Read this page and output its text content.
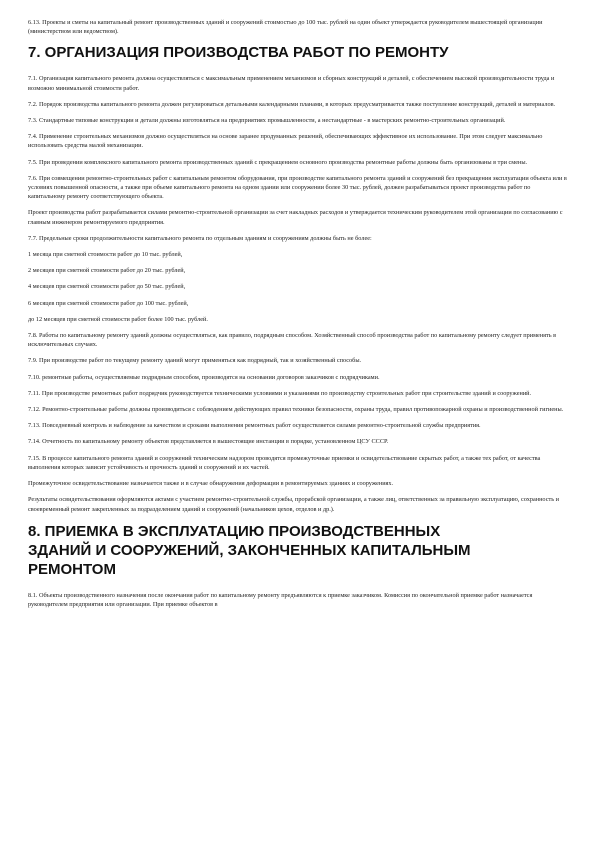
6.13. Проекты и сметы на капитальный ремонт производственных зданий и сооружений стоимостью до 100 тыс. рублей на один объект утверждается руководителем вышестоящей организации (министерством или ведомством).

7. ОРГАНИЗАЦИЯ ПРОИЗВОДСТВА РАБОТ ПО РЕМОНТУ

7.1. Организация капитального ремонта должна осуществляться с максимальным применением механизмов и сборных конструкций и деталей, с обеспечением высокой производительности труда и возможно минимальной стоимости работ.

7.2. Порядок производства капитального ремонта должен регулироваться детальными календарными планами, в которых предусматривается также поступление конструкций, деталей и материалов.

7.3. Стандартные типовые конструкции и детали должны изготовляться на предприятиях промышленности, а нестандартные - в мастерских ремонтно-строительных организаций.

7.4. Применение строительных механизмов должно осуществляться на основе заранее продуманных решений, обеспечивающих эффективное их использование. При этом следует максимально использовать средства малой механизации.

7.5. При проведении комплексного капитального ремонта производственных зданий с прекращением основного производства ремонтные работы должны быть организованы в три смены.

7.6. При совмещении ремонтно-строительных работ с капитальным ремонтом оборудования, при производстве капитального ремонта зданий и сооружений без прекращения эксплуатации объекта или в условиях повышенной опасности, а также при объеме капитального ремонта на одном здании или сооружении более 30 тыс. рублей, должен разрабатываться проект производства работ по капитальному ремонту соответствующего объекта.

Проект производства работ разрабатывается силами ремонтно-строительной организации за счет накладных расходов и утверждается техническим руководителем этой организации по согласованию с главным инженером ремонтируемого предприятия.

7.7. Предельные сроки продолжительности капитального ремонта по отдельным зданиям и сооружениям должны быть не более:

1 месяца при сметной стоимости работ до 10 тыс. рублей,

2 месяцев при сметной стоимости работ до 20 тыс. рублей,

4 месяцев при сметной стоимости работ до 50 тыс. рублей,

6 месяцев при сметной стоимости работ до 100 тыс. рублей,

до 12 месяцев при сметной стоимости работ более 100 тыс. рублей.

7.8. Работы по капитальному ремонту зданий должны осуществляться, как правило, подрядным способом. Хозяйственный способ производства работ по капитальному ремонту следует применять в исключительных случаях.

7.9. При производстве работ по текущему ремонту зданий могут применяться как подрядный, так и хозяйственный способы.

7.10. ремонтные работы, осуществляемые подрядным способом, производятся на основании договоров заказчиков с подрядчиками.

7.11. При производстве ремонтных работ подрядчик руководствуется техническими условиями и указаниями по производству строительных работ при строительстве зданий и сооружений.

7.12. Ремонтно-строительные работы должны производиться с соблюдением действующих правил техники безопасности, охраны труда, правил противопожарной охраны и производственной гигиены.

7.13. Повседневный контроль и наблюдение за качеством и сроками выполнения ремонтных работ осуществляется силами ремонтно-строительной службы предприятия.

7.14. Отчетность по капитальному ремонту объектов представляется в вышестоящие инстанции в порядке, установленном ЦСУ СССР.

7.15. В процессе капитального ремонта зданий и сооружений техническим надзором проводятся промежуточные приемки и освидетельствование скрытых работ, а также тех работ, от качества выполнения которых зависит устойчивость и прочность зданий и сооружений и их частей.

Промежуточное освидетельствование назначается также и в случае обнаружения деформации в ремонтируемых зданиях и сооружениях.

Результаты освидетельствования оформляются актами с участием ремонтно-строительной службы, прорабской организации, а также лиц, ответственных за правильную эксплуатацию, сохранность и своевременный ремонт закрепленных за подразделением зданий и сооружений (начальников цехов, отделов и др.).

8. ПРИЕМКА В ЭКСПЛУАТАЦИЮ ПРОИЗВОДСТВЕННЫХ
ЗДАНИЙ И СООРУЖЕНИЙ, ЗАКОНЧЕННЫХ КАПИТАЛЬНЫМ
РЕМОНТОМ

8.1. Объекты производственного назначения после окончания работ по капитальному ремонту предъявляются к приемке заказчиком. Комиссия по окончательной приемке работ назначается руководителем предприятия или организации. При приемке объектов в
